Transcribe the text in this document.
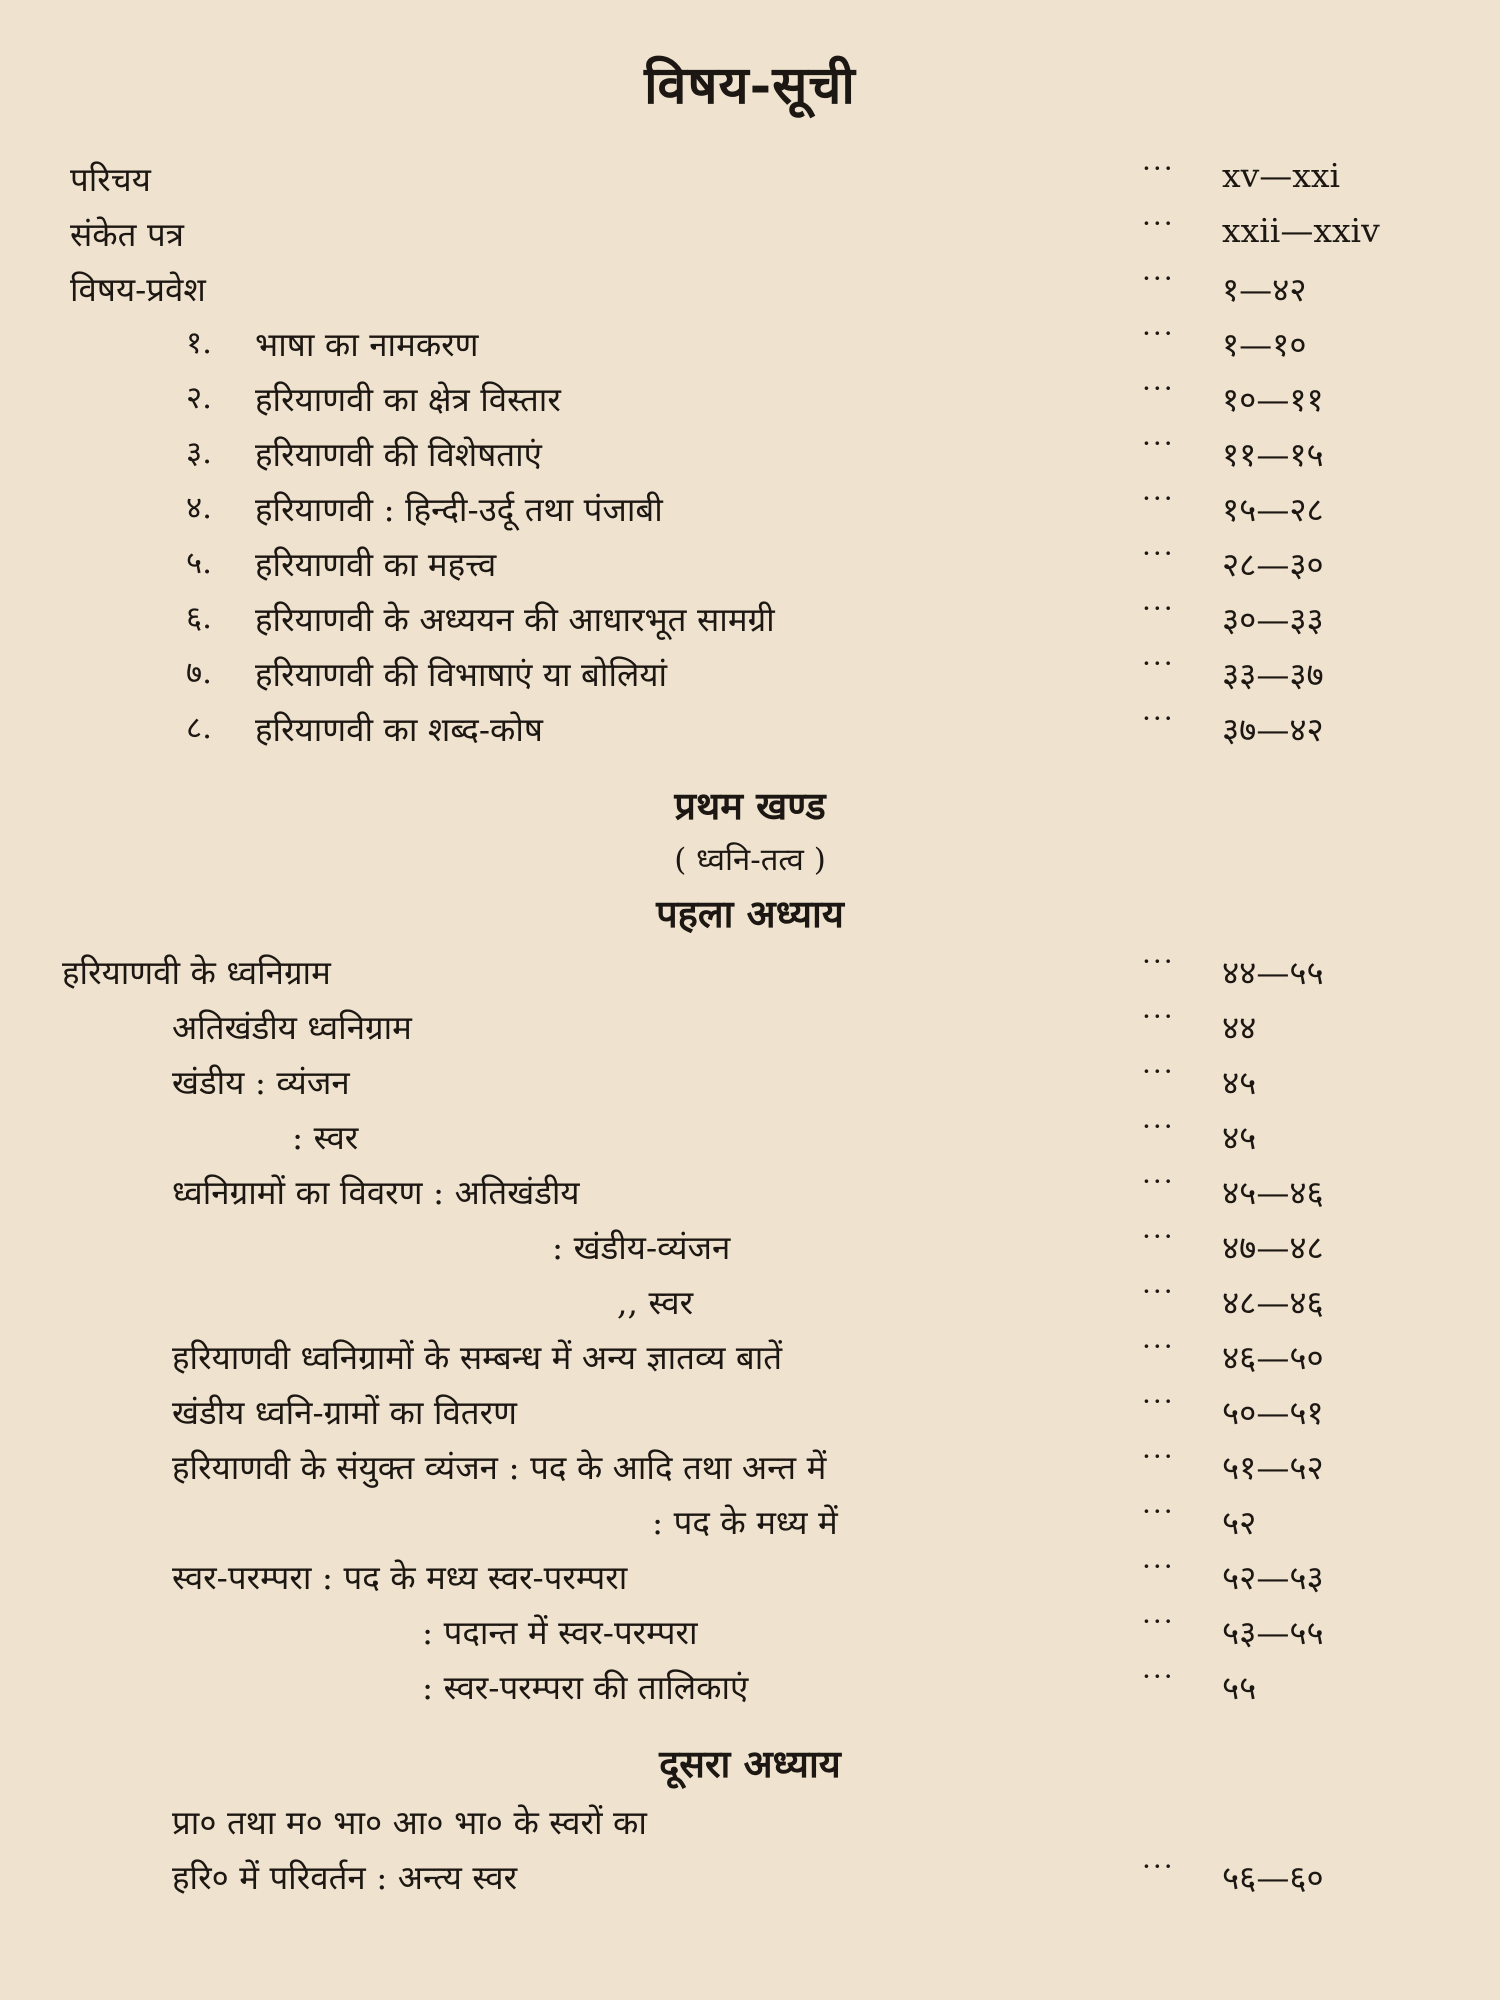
विषय-सूची
परिचय	··· xv—xxi
संकेत पत्र	··· xxii—xxiv
विषय-प्रवेश	··· १—४२
१. भाषा का नामकरण	··· १—१०
२. हरियाणवी का क्षेत्र विस्तार	··· १०—११
३. हरियाणवी की विशेषताएं	··· ११—१५
४. हरियाणवी : हिन्दी-उर्दू तथा पंजाबी	··· १५—२८
५. हरियाणवी का महत्त्व	··· २८—३०
६. हरियाणवी के अध्ययन की आधारभूत सामग्री	··· ३०—३३
७. हरियाणवी की विभाषाएं या बोलियां	··· ३३—३७
८. हरियाणवी का शब्द-कोष	··· ३७—४२
प्रथम खण्ड
( ध्वनि-तत्व )
पहला अध्याय
हरियाणवी के ध्वनिग्राम	··· ४४—५५
अतिखंडीय ध्वनिग्राम	··· ४४
खंडीय : व्यंजन	··· ४५
: स्वर	··· ४५
ध्वनिग्रामों का विवरण : अतिखंडीय	··· ४५—४६
: खंडीय-व्यंजन	··· ४७—४८
,, स्वर	··· ४८—४६
हरियाणवी ध्वनिग्रामों के सम्बन्ध में अन्य ज्ञातव्य बातें	··· ४६—५०
खंडीय ध्वनि-ग्रामों का वितरण	··· ५०—५१
हरियाणवी के संयुक्त व्यंजन : पद के आदि तथा अन्त में	··· ५१—५२
: पद के मध्य में	··· ५२
स्वर-परम्परा : पद के मध्य स्वर-परम्परा	··· ५२—५३
: पदान्त में स्वर-परम्परा	··· ५३—५५
: स्वर-परम्परा की तालिकाएं	··· ५५
दूसरा अध्याय
प्रा० तथा म० भा० आ० भा० के स्वरों का
हरि० में परिवर्तन : अन्त्य स्वर	··· ५६—६०
